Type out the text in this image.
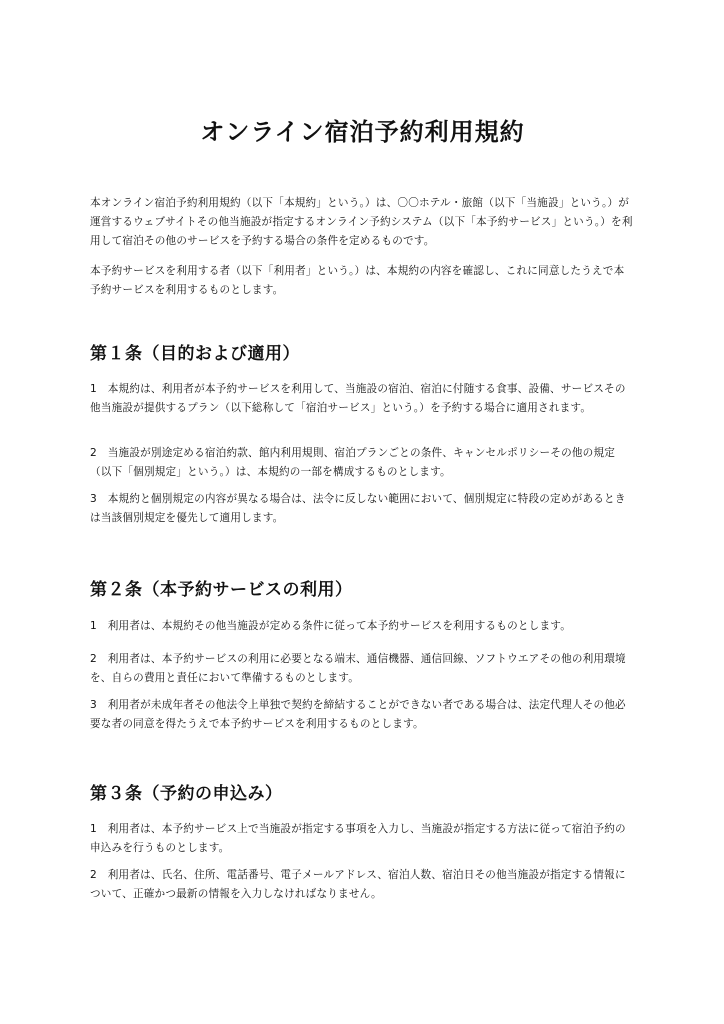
オンライン宿泊予約利用規約

本オンライン宿泊予約利用規約（以下「本規約」という。）は、〇〇ホテル・旅館（以下「当施設」という。）が運営するウェブサイトその他当施設が指定するオンライン予約システム（以下「本予約サービス」という。）を利用して宿泊その他のサービスを予約する場合の条件を定めるものです。

本予約サービスを利用する者（以下「利用者」という。）は、本規約の内容を確認し、これに同意したうえで本予約サービスを利用するものとします。

第１条（目的および適用）

1　本規約は、利用者が本予約サービスを利用して、当施設の宿泊、宿泊に付随する食事、設備、サービスその他当施設が提供するプラン（以下総称して「宿泊サービス」という。）を予約する場合に適用されます。

2　当施設が別途定める宿泊約款、館内利用規則、宿泊プランごとの条件、キャンセルポリシーその他の規定（以下「個別規定」という。）は、本規約の一部を構成するものとします。

3　本規約と個別規定の内容が異なる場合は、法令に反しない範囲において、個別規定に特段の定めがあるときは当該個別規定を優先して適用します。

第２条（本予約サービスの利用）

1　利用者は、本規約その他当施設が定める条件に従って本予約サービスを利用するものとします。

2　利用者は、本予約サービスの利用に必要となる端末、通信機器、通信回線、ソフトウエアその他の利用環境を、自らの費用と責任において準備するものとします。

3　利用者が未成年者その他法令上単独で契約を締結することができない者である場合は、法定代理人その他必要な者の同意を得たうえで本予約サービスを利用するものとします。

第３条（予約の申込み）

1　利用者は、本予約サービス上で当施設が指定する事項を入力し、当施設が指定する方法に従って宿泊予約の申込みを行うものとします。

2　利用者は、氏名、住所、電話番号、電子メールアドレス、宿泊人数、宿泊日その他当施設が指定する情報について、正確かつ最新の情報を入力しなければなりません。
